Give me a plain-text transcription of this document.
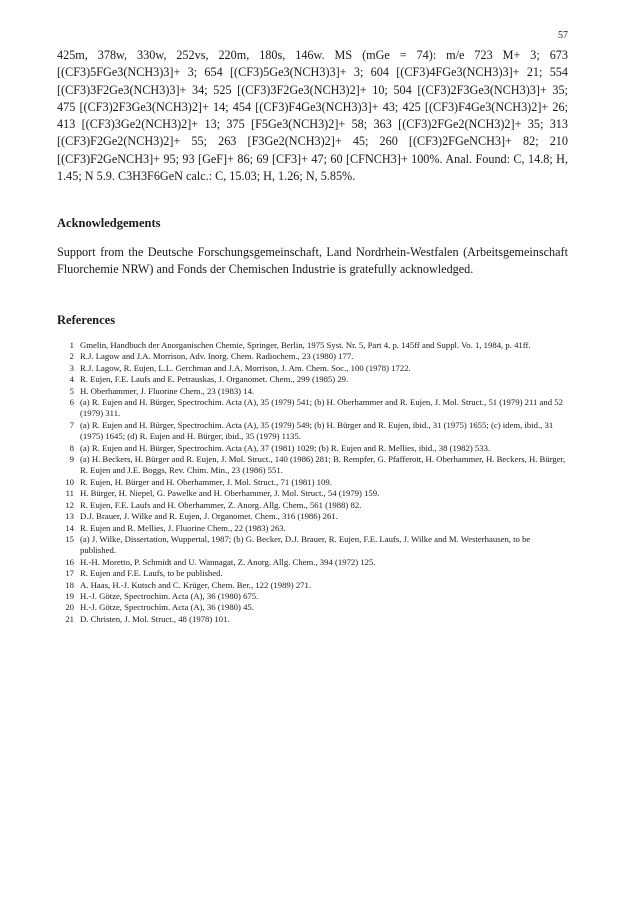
57

425m, 378w, 330w, 252vs, 220m, 180s, 146w. MS (mGe = 74): m/e 723 M+ 3; 673 [(CF3)5FGe3(NCH3)3]+ 3; 654 [(CF3)5Ge3(NCH3)3]+ 3; 604 [(CF3)4FGe3(NCH3)3]+ 21; 554 [(CF3)3F2Ge3(NCH3)3]+ 34; 525 [(CF3)3F2Ge3(NCH3)2]+ 10; 504 [(CF3)2F3Ge3(NCH3)3]+ 35; 475 [(CF3)2F3Ge3(NCH3)2]+ 14; 454 [(CF3)F4Ge3(NCH3)3]+ 43; 425 [(CF3)F4Ge3(NCH3)2]+ 26; 413 [(CF3)3Ge2(NCH3)2]+ 13; 375 [F5Ge3(NCH3)2]+ 58; 363 [(CF3)2FGe2(NCH3)2]+ 35; 313 [(CF3)F2Ge2(NCH3)2]+ 55; 263 [F3Ge2(NCH3)2]+ 45; 260 [(CF3)2FGeNCH3]+ 82; 210 [(CF3)F2GeNCH3]+ 95; 93 [GeF]+ 86; 69 [CF3]+ 47; 60 [CFNCH3]+ 100%. Anal. Found: C, 14.8; H, 1.45; N 5.9. C3H3F6GeN calc.: C, 15.03; H, 1.26; N, 5.85%.

Acknowledgements

Support from the Deutsche Forschungsgemeinschaft, Land Nordrhein-Westfalen (Arbeitsgemeinschaft Fluorchemie NRW) and Fonds der Chemischen Industrie is gratefully acknowledged.

References
1 Gmelin, Handbuch der Anorganischen Chemie, Springer, Berlin, 1975 Syst. Nr. 5, Part 4, p. 145ff and Suppl. Vo. 1, 1984, p. 41ff.
2 R.J. Lagow and J.A. Morrison, Adv. Inorg. Chem. Radiochem., 23 (1980) 177.
3 R.J. Lagow, R. Eujen, L.L. Gerchman and J.A. Morrison, J. Am. Chem. Soc., 100 (1978) 1722.
4 R. Eujen, F.E. Laufs and E. Petrauskas, J. Organomet. Chem., 299 (1985) 29.
5 H. Oberhammer, J. Fluorine Chem., 23 (1983) 14.
6 (a) R. Eujen and H. Bürger, Spectrochim. Acta (A), 35 (1979) 541; (b) H. Oberhammer and R. Eujen, J. Mol. Struct., 51 (1979) 211 and 52 (1979) 311.
7 (a) R. Eujen and H. Bürger, Spectrochim. Acta (A), 35 (1979) 549; (b) H. Bürger and R. Eujen, ibid., 31 (1975) 1655; (c) idem, ibid., 31 (1975) 1645; (d) R. Eujen and H. Bürger, ibid., 35 (1979) 1135.
8 (a) R. Eujen and H. Bürger, Spectrochim. Acta (A), 37 (1981) 1029; (b) R. Eujen and R. Mellies, ibid., 38 (1982) 533.
9 (a) H. Beckers, H. Bürger and R. Eujen, J. Mol. Struct., 140 (1986) 281; B. Rempfer, G. Pfafferott, H. Oberhammer, H. Beckers, H. Bürger, R. Eujen and J.E. Boggs, Rev. Chim. Min., 23 (1986) 551.
10 R. Eujen, H. Bürger and H. Oberhammer, J. Mol. Struct., 71 (1981) 109.
11 H. Bürger, H. Niepel, G. Pawelke and H. Oberhammer, J. Mol. Struct., 54 (1979) 159.
12 R. Eujen, F.E. Laufs and H. Oberhammer, Z. Anorg. Allg. Chem., 561 (1988) 82.
13 D.J. Brauer, J. Wilke and R. Eujen, J. Organomet. Chem., 316 (1986) 261.
14 R. Eujen and R. Mellies, J. Fluorine Chem., 22 (1983) 263.
15 (a) J. Wilke, Dissertation, Wuppertal, 1987; (b) G. Becker, D.J. Brauer, R. Eujen, F.E. Laufs, J. Wilke and M. Westerhausen, to be published.
16 H.-H. Moretto, P. Schmidt and U. Wannagat, Z. Anorg. Allg. Chem., 394 (1972) 125.
17 R. Eujen and F.E. Laufs, to be published.
18 A. Haas, H.-J. Kutsch and C. Krüger, Chem. Ber., 122 (1989) 271.
19 H.-J. Götze, Spectrochim. Acta (A), 36 (1980) 675.
20 H.-J. Götze, Spectrochim. Acta (A), 36 (1980) 45.
21 D. Christen, J. Mol. Struct., 48 (1978) 101.
